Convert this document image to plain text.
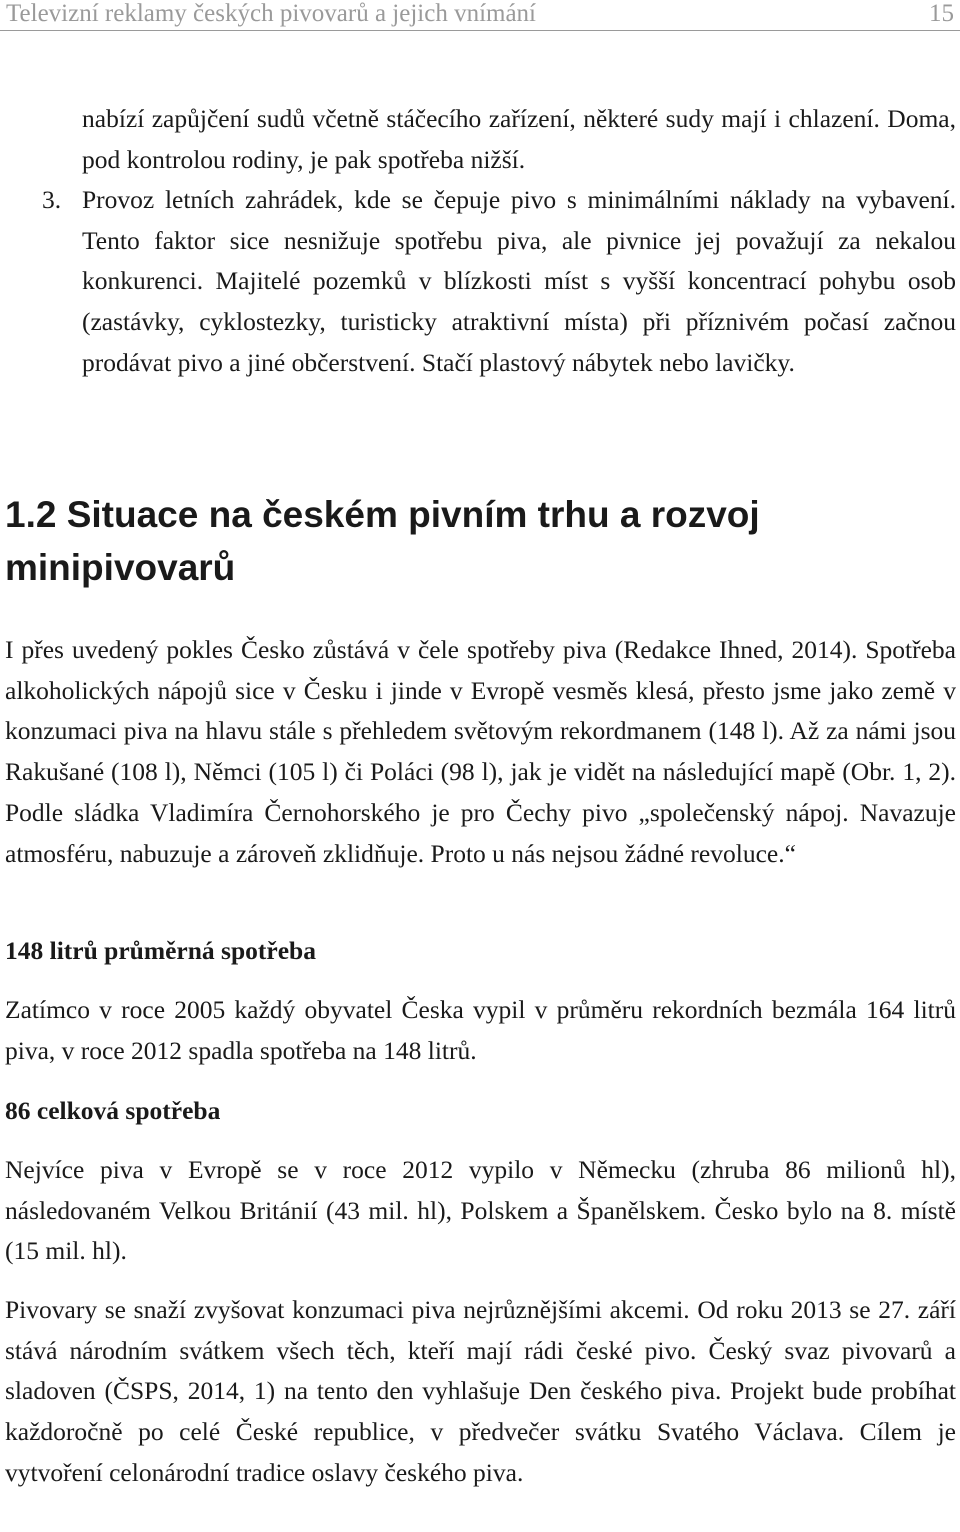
Televizní reklamy českých pivovarů a jejich vnímání	15

nabízí zapůjčení sudů včetně stáčecího zařízení, některé sudy mají i chlazení. Doma, pod kontrolou rodiny, je pak spotřeba nižší.

3. Provoz letních zahrádek, kde se čepuje pivo s minimálními náklady na vybavení. Tento faktor sice nesnižuje spotřebu piva, ale pivnice jej považují za nekalou konkurenci. Majitelé pozemků v blízkosti míst s vyšší koncentrací pohybu osob (zastávky, cyklostezky, turisticky atraktivní místa) při příznivém počasí začnou prodávat pivo a jiné občerstvení. Stačí plastový nábytek nebo lavičky.

1.2 Situace na českém pivním trhu a rozvoj minipivovarů

I přes uvedený pokles Česko zůstává v čele spotřeby piva (Redakce Ihned, 2014). Spotřeba alkoholických nápojů sice v Česku i jinde v Evropě vesměs klesá, přesto jsme jako země v konzumaci piva na hlavu stále s přehledem světovým rekordmanem (148 l). Až za námi jsou Rakušané (108 l), Němci (105 l) či Poláci (98 l), jak je vidět na následující mapě (Obr. 1, 2). Podle sládka Vladimíra Černohorského je pro Čechy pivo „společenský nápoj. Navazuje atmosféru, nabuzuje a zároveň zklidňuje. Proto u nás nejsou žádné revoluce.“

148 litrů průměrná spotřeba

Zatímco v roce 2005 každý obyvatel Česka vypil v průměru rekordních bezmála 164 litrů piva, v roce 2012 spadla spotřeba na 148 litrů.

86 celková spotřeba

Nejvíce piva v Evropě se v roce 2012 vypilo v Německu (zhruba 86 milionů hl), následovaném Velkou Británií (43 mil. hl), Polskem a Španělskem. Česko bylo na 8. místě (15 mil. hl).

Pivovary se snaží zvyšovat konzumaci piva nejrůznějšími akcemi. Od roku 2013 se 27. září stává národním svátkem všech těch, kteří mají rádi české pivo. Český svaz pivovarů a sladoven (ČSPS, 2014, 1) na tento den vyhlašuje Den českého piva. Projekt bude probíhat každoročně po celé České republice, v předvečer svátku Svatého Václava. Cílem je vytvoření celonárodní tradice oslavy českého piva.
